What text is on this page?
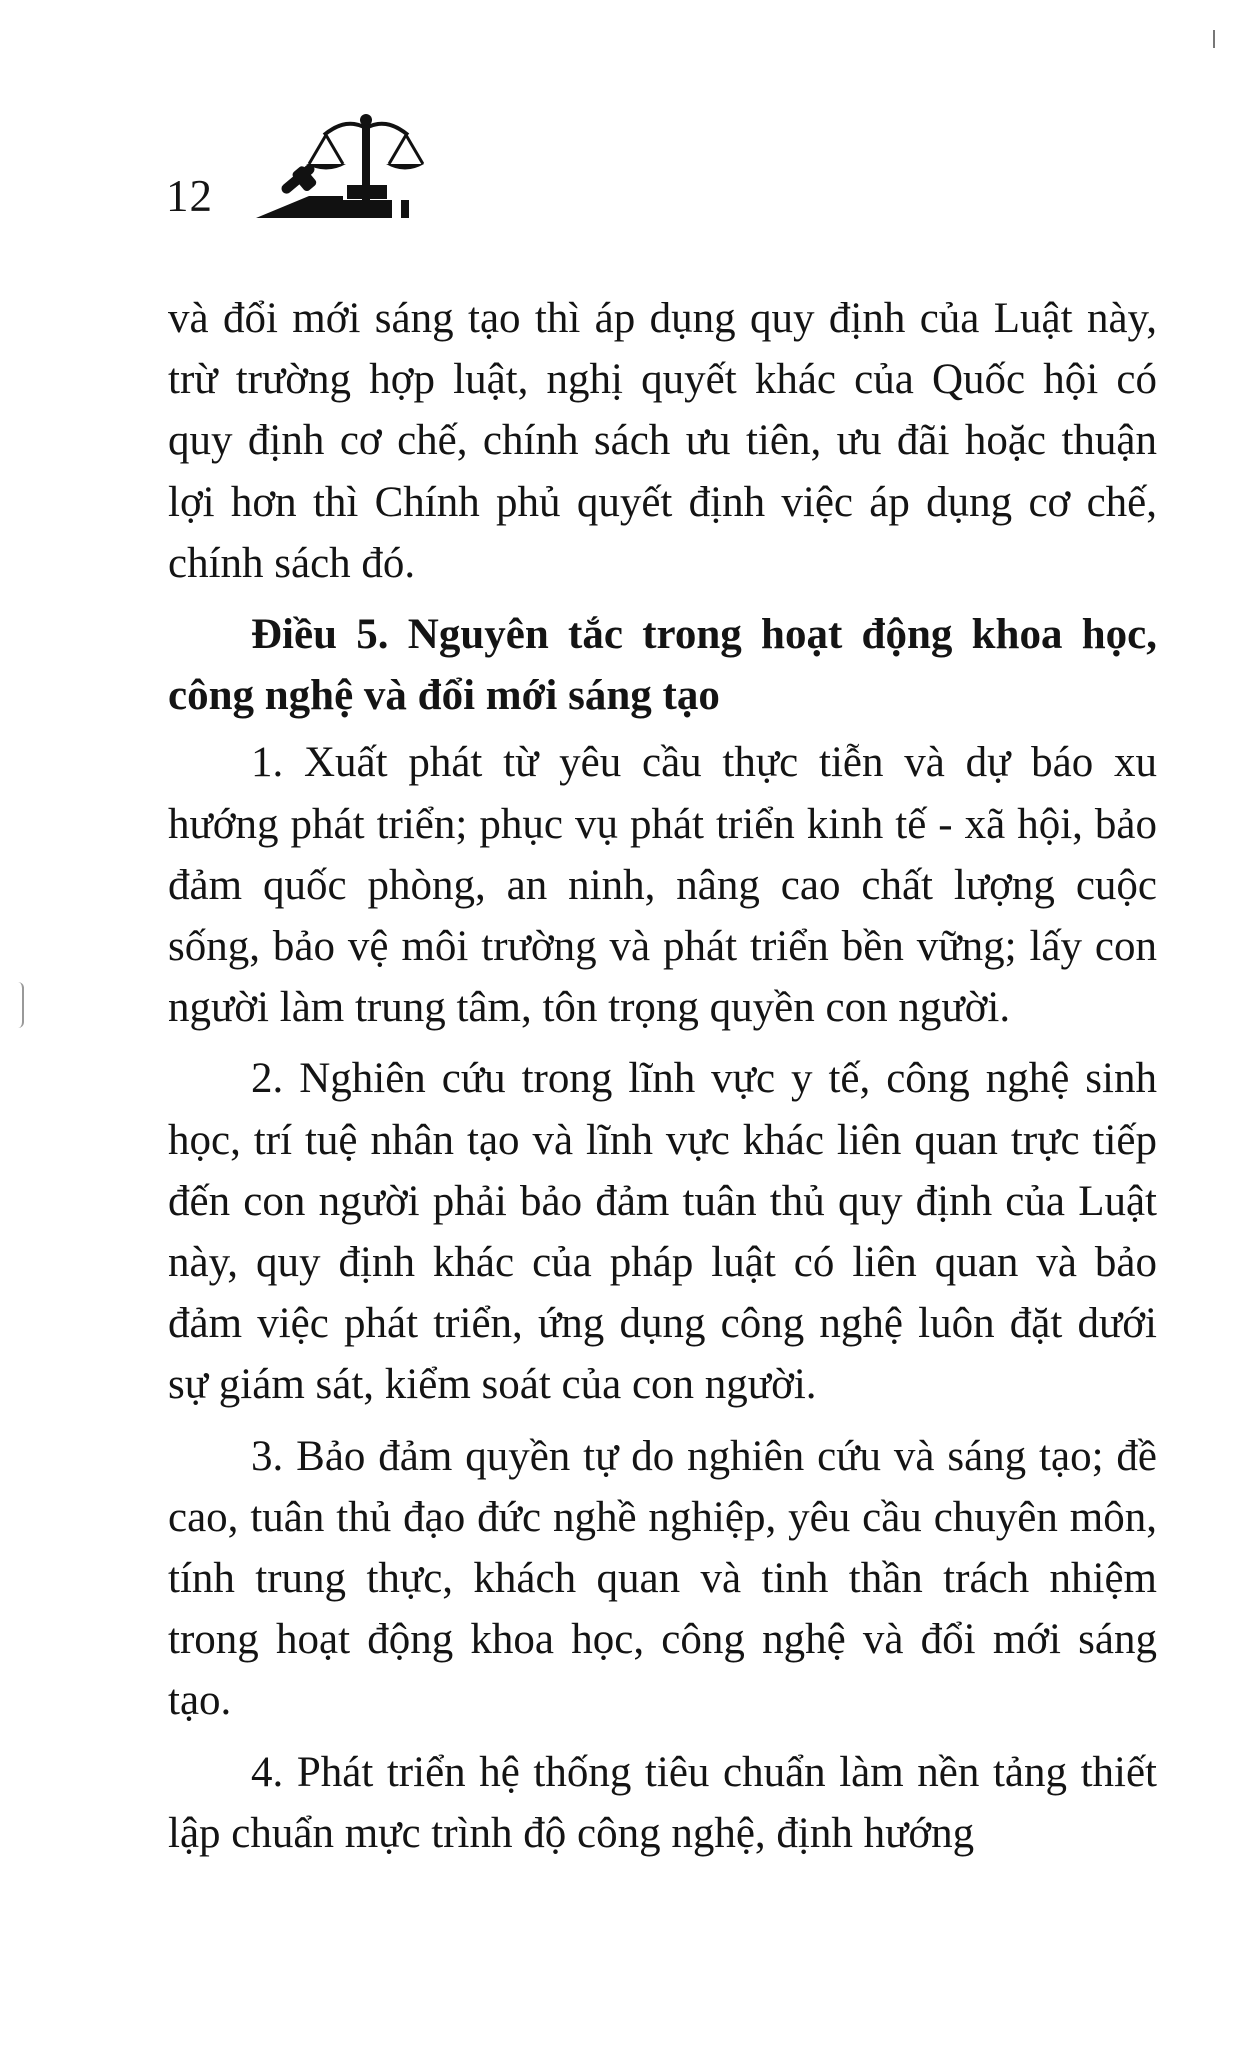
12

và đổi mới sáng tạo thì áp dụng quy định của Luật này, trừ trường hợp luật, nghị quyết khác của Quốc hội có quy định cơ chế, chính sách ưu tiên, ưu đãi hoặc thuận lợi hơn thì Chính phủ quyết định việc áp dụng cơ chế, chính sách đó.

Điều 5. Nguyên tắc trong hoạt động khoa học, công nghệ và đổi mới sáng tạo

1. Xuất phát từ yêu cầu thực tiễn và dự báo xu hướng phát triển; phục vụ phát triển kinh tế - xã hội, bảo đảm quốc phòng, an ninh, nâng cao chất lượng cuộc sống, bảo vệ môi trường và phát triển bền vững; lấy con người làm trung tâm, tôn trọng quyền con người.

2. Nghiên cứu trong lĩnh vực y tế, công nghệ sinh học, trí tuệ nhân tạo và lĩnh vực khác liên quan trực tiếp đến con người phải bảo đảm tuân thủ quy định của Luật này, quy định khác của pháp luật có liên quan và bảo đảm việc phát triển, ứng dụng công nghệ luôn đặt dưới sự giám sát, kiểm soát của con người.

3. Bảo đảm quyền tự do nghiên cứu và sáng tạo; đề cao, tuân thủ đạo đức nghề nghiệp, yêu cầu chuyên môn, tính trung thực, khách quan và tinh thần trách nhiệm trong hoạt động khoa học, công nghệ và đổi mới sáng tạo.

4. Phát triển hệ thống tiêu chuẩn làm nền tảng thiết lập chuẩn mực trình độ công nghệ, định hướng
